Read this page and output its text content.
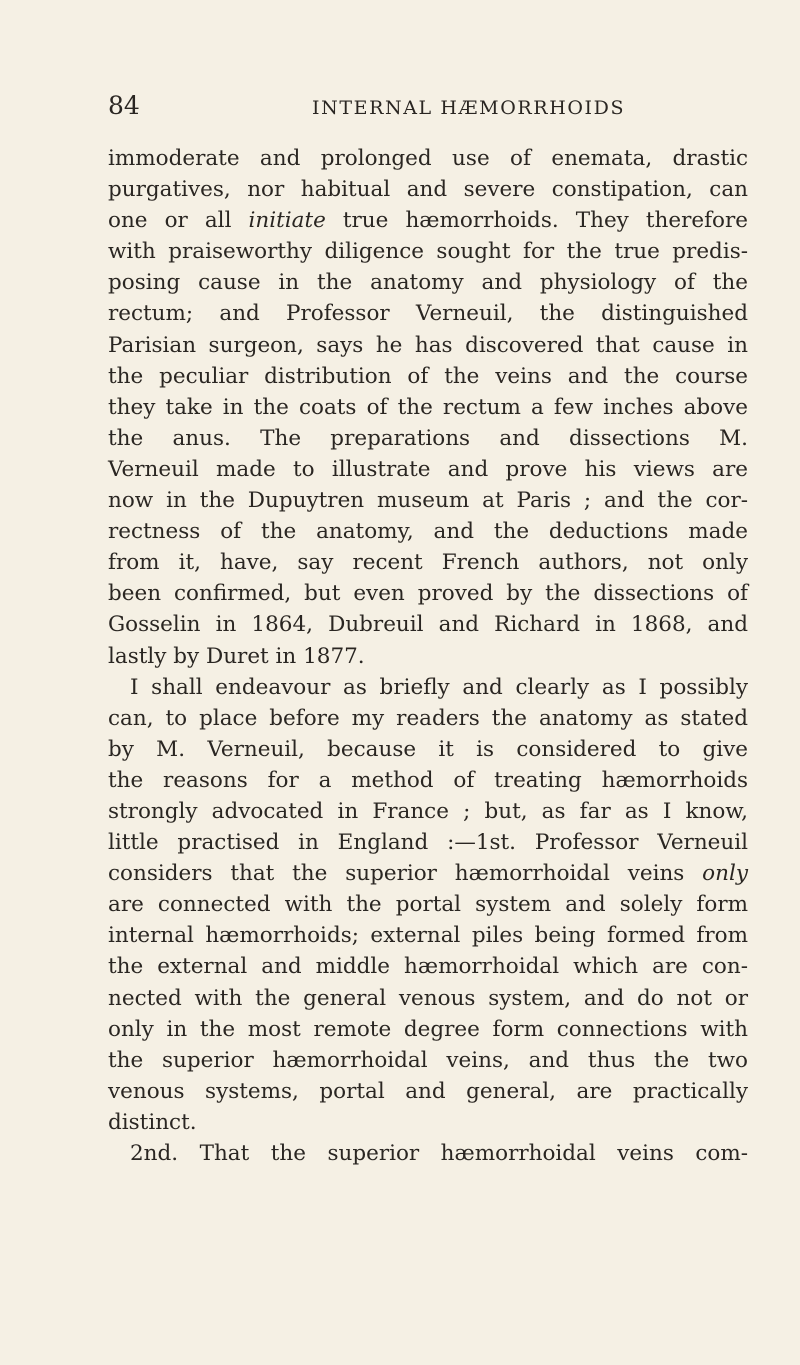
84	INTERNAL HÆMORRHOIDS
immoderate and prolonged use of enemata, drastic
purgatives, nor habitual and severe constipation, can
one or all initiate true hæmorrhoids. They therefore
with praiseworthy diligence sought for the true predis-
posing cause in the anatomy and physiology of the
rectum; and Professor Verneuil, the distinguished
Parisian surgeon, says he has discovered that cause in
the peculiar distribution of the veins and the course
they take in the coats of the rectum a few inches above
the anus. The preparations and dissections M.
Verneuil made to illustrate and prove his views are
now in the Dupuytren museum at Paris ; and the cor-
rectness of the anatomy, and the deductions made
from it, have, say recent French authors, not only
been confirmed, but even proved by the dissections of
Gosselin in 1864, Dubreuil and Richard in 1868, and
lastly by Duret in 1877.
I shall endeavour as briefly and clearly as I possibly
can, to place before my readers the anatomy as stated
by M. Verneuil, because it is considered to give
the reasons for a method of treating hæmorrhoids
strongly advocated in France ; but, as far as I know,
little practised in England :—1st. Professor Verneuil
considers that the superior hæmorrhoidal veins only
are connected with the portal system and solely form
internal hæmorrhoids; external piles being formed from
the external and middle hæmorrhoidal which are con-
nected with the general venous system, and do not or
only in the most remote degree form connections with
the superior hæmorrhoidal veins, and thus the two
venous systems, portal and general, are practically
distinct.
2nd. That the superior hæmorrhoidal veins com-
